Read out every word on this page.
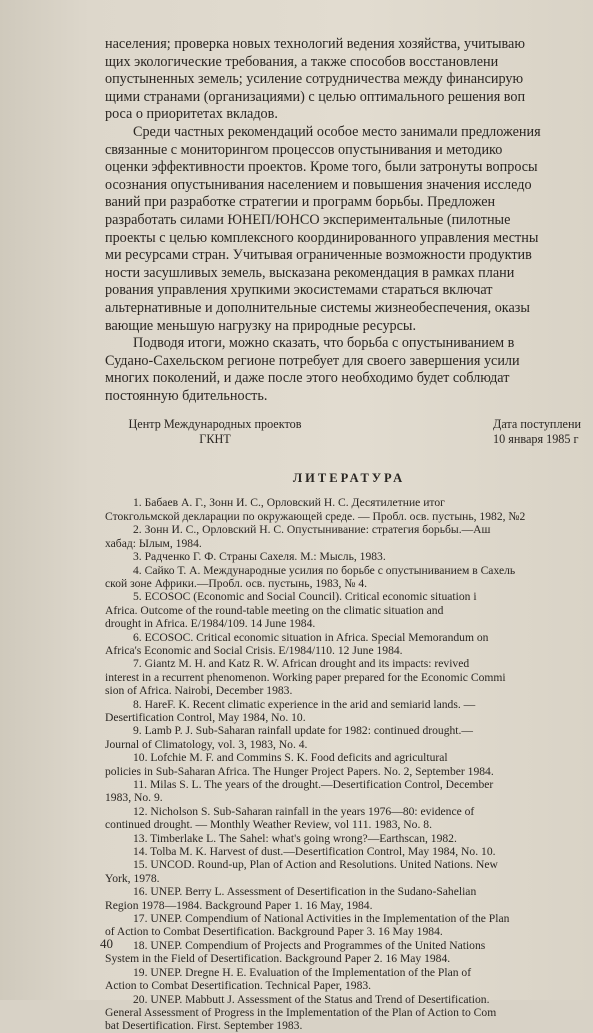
населения; проверка новых технологий ведения хозяйства, учитываю
щих экологические требования, а также способов восстановлени
опустыненных земель; усиление сотрудничества между финансирую
щими странами (организациями) с целью оптимального решения воп
роса о приоритетах вкладов.
Среди частных рекомендаций особое место занимали предложения
связанные с мониторингом процессов опустынивания и методико
оценки эффективности проектов. Кроме того, были затронуты вопросы
осознания опустынивания населением и повышения значения исследо
ваний при разработке стратегии и программ борьбы. Предложен
разработать силами ЮНЕП/ЮНСО экспериментальные (пилотные
проекты с целью комплексного координированного управления местны
ми ресурсами стран. Учитывая ограниченные возможности продуктив
ности засушливых земель, высказана рекомендация в рамках плани
рования управления хрупкими экосистемами стараться включат
альтернативные и дополнительные системы жизнеобеспечения, оказы
вающие меньшую нагрузку на природные ресурсы.
Подводя итоги, можно сказать, что борьба с опустыниванием в
Судано-Сахельском регионе потребует для своего завершения усили
многих поколений, и даже после этого необходимо будет соблюдат
постоянную бдительность.
Центр Международных проектов
ГКНТ
Дата поступлени
10 января 1985 г
ЛИТЕРАТУРА
1. Бабаев А. Г., Зонн И. С., Орловский Н. С. Десятилетние итог
Стокгольмской декларации по окружающей среде. — Пробл. осв. пустынь, 1982, №2
2. Зонн И. С., Орловский Н. С. Опустынивание: стратегия борьбы.—Аш
хабад: Ылым, 1984.
3. Радченко Г. Ф. Страны Сахеля. М.: Мысль, 1983.
4. Сайко Т. А. Международные усилия по борьбе с опустыниванием в Сахель
ской зоне Африки.—Пробл. осв. пустынь, 1983, № 4.
5. ECOSOC (Economic and Social Council). Critical economic situation i
Africa. Outcome of the round-table meeting on the climatic situation and
drought in Africa. E/1984/109. 14 June 1984.
6. ECOSOC. Critical economic situation in Africa. Special Memorandum on
Africa's Economic and Social Crisis. E/1984/110. 12 June 1984.
7. Giantz M. H. and Katz R. W. African drought and its impacts: revived
interest in a recurrent phenomenon. Working paper prepared for the Economic Commi
sion of Africa. Nairobi, December 1983.
8. HareF. K. Recent climatic experience in the arid and semiarid lands. —
Desertification Control, May 1984, No. 10.
9. Lamb P. J. Sub-Saharan rainfall update for 1982: continued drought.—
Journal of Climatology, vol. 3, 1983, No. 4.
10. Lofchie M. F. and Commins S. K. Food deficits and agricultural
policies in Sub-Saharan Africa. The Hunger Project Papers. No. 2, September 1984.
11. Milas S. L. The years of the drought.—Desertification Control, December
1983, No. 9.
12. Nicholson S. Sub-Saharan rainfall in the years 1976—80: evidence of
continued drought. — Monthly Weather Review, vol 111. 1983, No. 8.
13. Timberlake L. The Sahel: what's going wrong?—Earthscan, 1982.
14. Tolba M. K. Harvest of dust.—Desertification Control, May 1984, No. 10.
15. UNCOD. Round-up, Plan of Action and Resolutions. United Nations. New
York, 1978.
16. UNEP. Berry L. Assessment of Desertification in the Sudano-Sahelian
Region 1978—1984. Background Paper 1. 16 May, 1984.
17. UNEP. Compendium of National Activities in the Implementation of the Plan
of Action to Combat Desertification. Background Paper 3. 16 May 1984.
18. UNEP. Compendium of Projects and Programmes of the United Nations
System in the Field of Desertification. Background Paper 2. 16 May 1984.
19. UNEP. Dregne H. E. Evaluation of the Implementation of the Plan of
Action to Combat Desertification. Technical Paper, 1983.
20. UNEP. Mabbutt J. Assessment of the Status and Trend of Desertification.
General Assessment of Progress in the Implementation of the Plan of Action to Com
bat Desertification. First. September 1983.
40
